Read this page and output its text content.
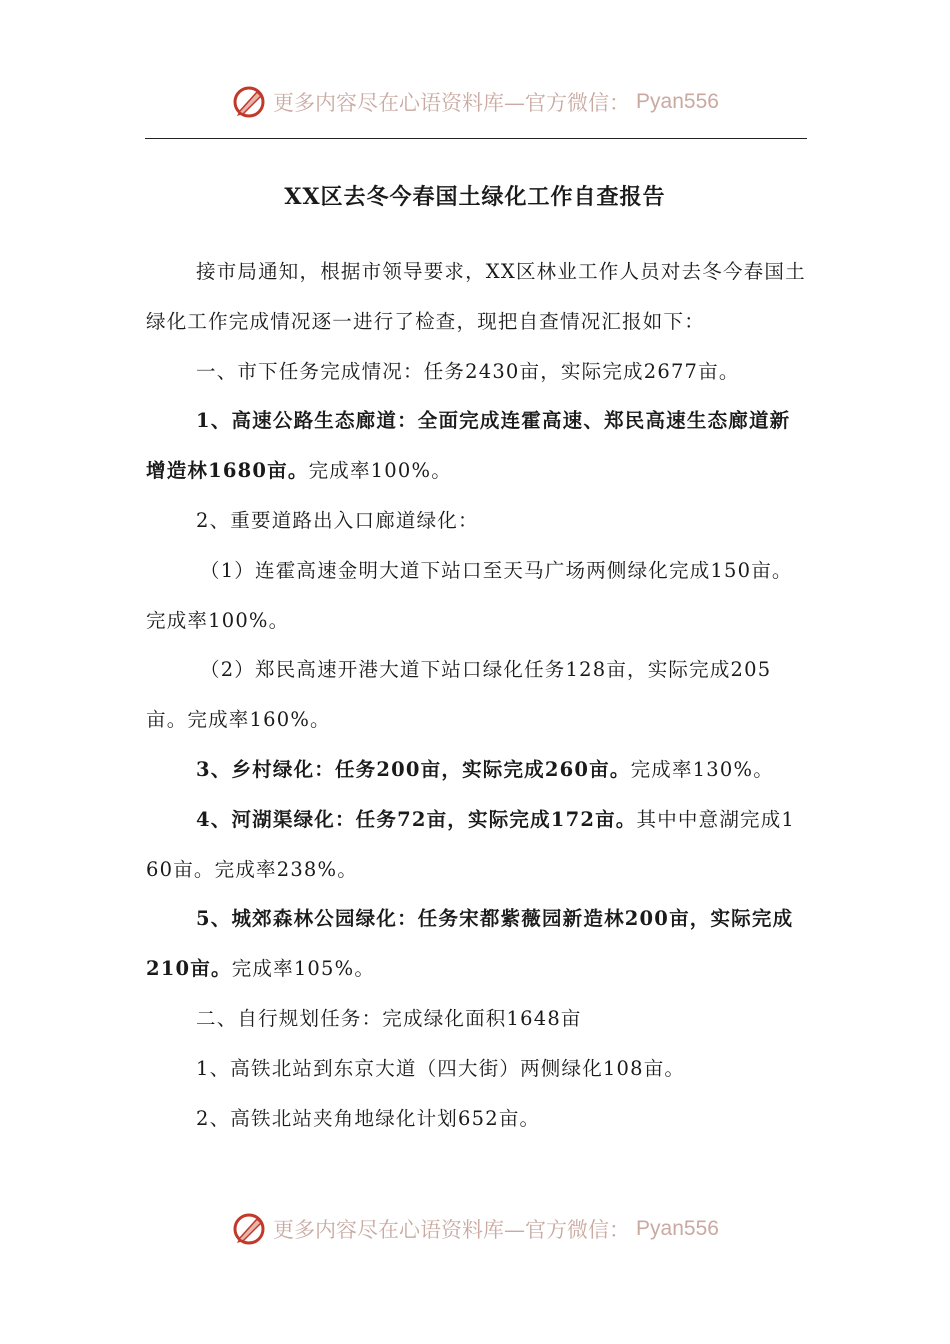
更多内容尽在心语资料库—官方微信： Pyan556
XX区去冬今春国土绿化工作自查报告

接市局通知，根据市领导要求，XX区林业工作人员对去冬今春国土绿化工作完成情况逐一进行了检查，现把自查情况汇报如下：

一、市下任务完成情况：任务2430亩，实际完成2677亩。

1、高速公路生态廊道：全面完成连霍高速、郑民高速生态廊道新增造林1680亩。完成率100%。

2、重要道路出入口廊道绿化：

（1）连霍高速金明大道下站口至天马广场两侧绿化完成150亩。完成率100%。

（2）郑民高速开港大道下站口绿化任务128亩，实际完成205亩。完成率160%。

3、乡村绿化：任务200亩，实际完成260亩。完成率130%。

4、河湖渠绿化：任务72亩，实际完成172亩。其中中意湖完成160亩。完成率238%。

5、城郊森林公园绿化：任务宋都紫薇园新造林200亩，实际完成210亩。完成率105%。

二、自行规划任务：完成绿化面积1648亩

1、高铁北站到东京大道（四大街）两侧绿化108亩。

2、高铁北站夹角地绿化计划652亩。

更多内容尽在心语资料库—官方微信： Pyan556
